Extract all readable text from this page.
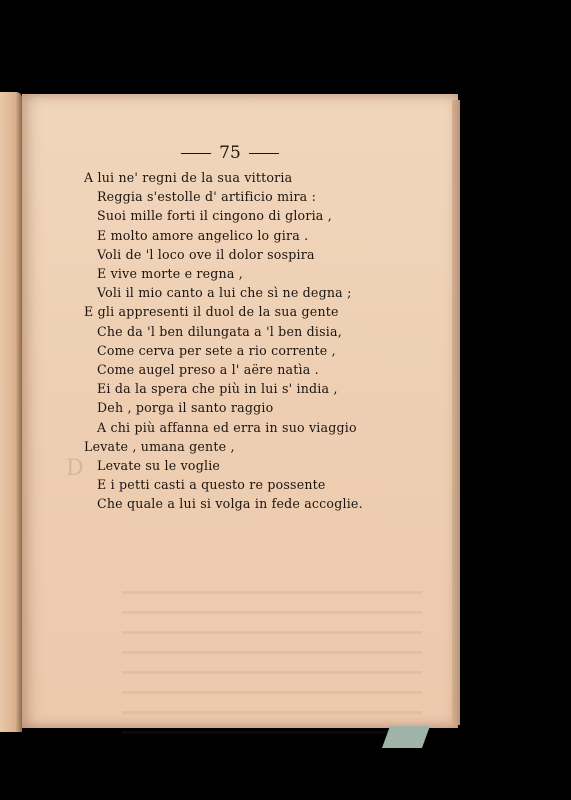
D
75
A lui ne' regni de la sua vittoria
Reggia s'estolle d' artificio mira :
Suoi mille forti il cingono di gloria ,
E molto amore angelico lo gira .
Voli de 'l loco ove il dolor sospira
E vive morte e regna ,
Voli il mio canto a lui che sì ne degna ;
E gli appresenti il duol de la sua gente
Che da 'l ben dilungata a 'l ben disia,
Come cerva per sete a rio corrente ,
Come augel preso a l' aëre natìa .
Ei da la spera che più in lui s' india ,
Deh , porga il santo raggio
A chi più affanna ed erra in suo viaggio
Levate , umana gente ,
Levate su le voglie
E i petti casti a questo re possente
Che quale a lui si volga in fede accoglie.
